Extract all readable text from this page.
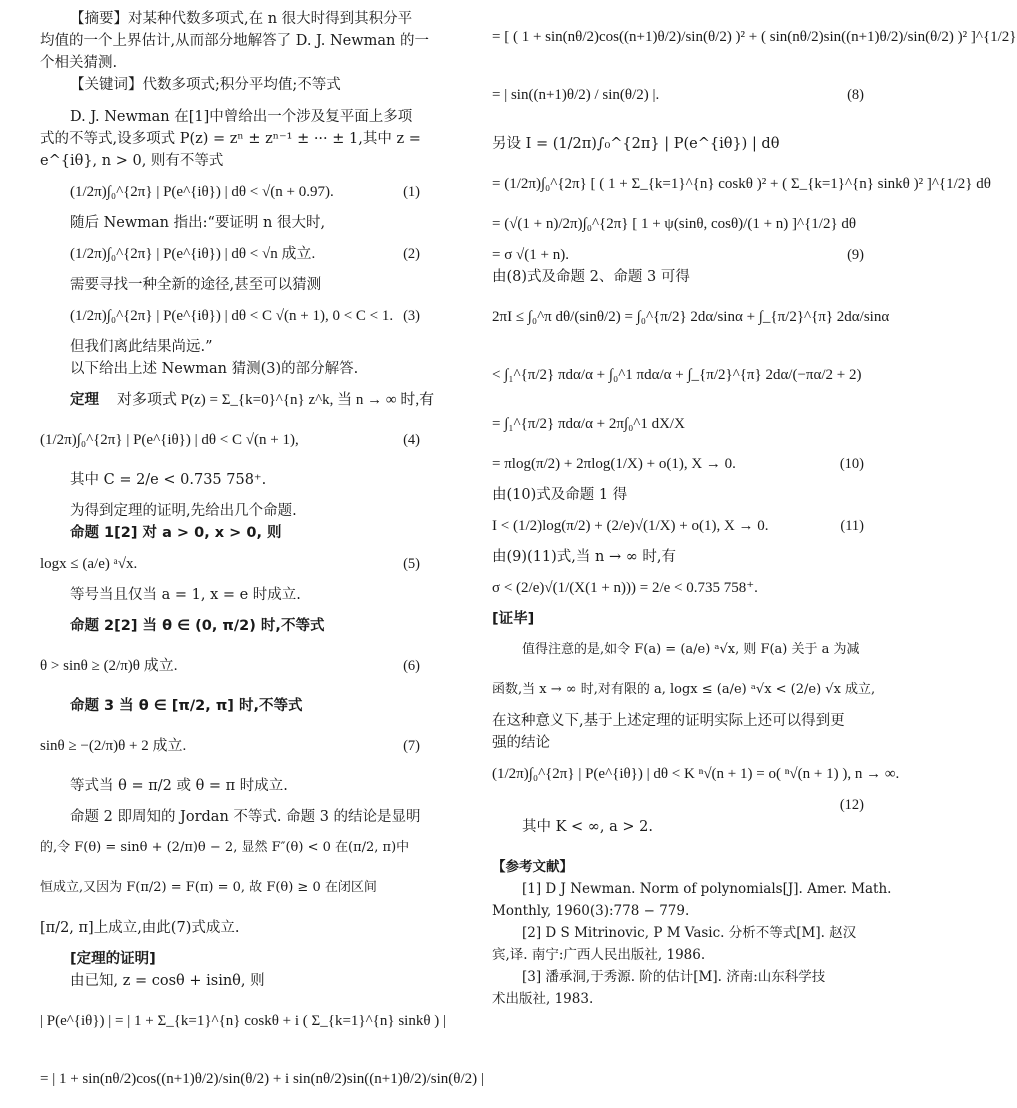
【摘要】对某种代数多项式,在 n 很大时得到其积分平
均值的一个上界估计,从而部分地解答了 D. J. Newman 的一
个相关猜测.
【关键词】代数多项式;积分平均值;不等式
D. J. Newman 在[1]中曾给出一个涉及复平面上多项
式的不等式,设多项式 P(z) = zⁿ ± zⁿ⁻¹ ± ··· ± 1,其中 z =
e^{iθ}, n > 0, 则有不等式
(1/2π)∫₀^{2π} | P(e^{iθ}) | dθ < √(n + 0.97).	(1)
随后 Newman 指出:“要证明 n 很大时,
(1/2π)∫₀^{2π} | P(e^{iθ}) | dθ < √n 成立.	(2)
需要寻找一种全新的途径,甚至可以猜测
(1/2π)∫₀^{2π} | P(e^{iθ}) | dθ < C √(n + 1), 0 < C < 1. (3)
但我们离此结果尚远.”
以下给出上述 Newman 猜测(3)的部分解答.
定理	对多项式 P(z) = Σ_{k=0}^{n} z^k, 当 n → ∞ 时,有
(1/2π)∫₀^{2π} | P(e^{iθ}) | dθ < C √(n + 1),	(4)
其中 C = 2/e < 0.735 758⁺.
为得到定理的证明,先给出几个命题.
命题 1[2] 对 a > 0, x > 0, 则
logx ≤ (a/e) ᵃ√x.	(5)
等号当且仅当 a = 1, x = e 时成立.
命题 2[2] 当 θ ∈ (0, π/2) 时,不等式
θ > sinθ ≥ (2/π)θ 成立.	(6)
命题 3 当 θ ∈ [π/2, π] 时,不等式
sinθ ≥ −(2/π)θ + 2 成立.	(7)
等式当 θ = π/2 或 θ = π 时成立.
命题 2 即周知的 Jordan 不等式. 命题 3 的结论是显明
的,令 F(θ) = sinθ + (2/π)θ − 2, 显然 F″(θ) < 0 在(π/2, π)中
恒成立,又因为 F(π/2) = F(π) = 0, 故 F(θ) ≥ 0 在闭区间
[π/2, π]上成立,由此(7)式成立.
[定理的证明]
由已知, z = cosθ + isinθ, 则
| P(e^{iθ}) | = | 1 + Σ_{k=1}^{n} coskθ + i ( Σ_{k=1}^{n} sinkθ ) |
= | 1 + sin(nθ/2)cos((n+1)θ/2)/sin(θ/2) + i sin(nθ/2)sin((n+1)θ/2)/sin(θ/2) |
= [ ( 1 + sin(nθ/2)cos((n+1)θ/2)/sin(θ/2) )² + ( sin(nθ/2)sin((n+1)θ/2)/sin(θ/2) )² ]^{1/2}
= | sin((n+1)θ/2) / sin(θ/2) |.	(8)
另设 I = (1/2π)∫₀^{2π} | P(e^{iθ}) | dθ
= (1/2π)∫₀^{2π} [ ( 1 + Σ_{k=1}^{n} coskθ )² + ( Σ_{k=1}^{n} sinkθ )² ]^{1/2} dθ
= (√(1 + n)/2π)∫₀^{2π} [ 1 + ψ(sinθ, cosθ)/(1 + n) ]^{1/2} dθ
= σ √(1 + n).	(9)
由(8)式及命题 2、命题 3 可得
2πI ≤ ∫₀^π dθ/(sinθ/2) = ∫₀^{π/2} 2dα/sinα + ∫_{π/2}^{π} 2dα/sinα
< ∫₁^{π/2} πdα/α + ∫₀^1 πdα/α + ∫_{π/2}^{π} 2dα/(−πα/2 + 2)
= ∫₁^{π/2} πdα/α + 2π∫₀^1 dX/X
= πlog(π/2) + 2πlog(1/X) + o(1), X → 0.	(10)
由(10)式及命题 1 得
I < (1/2)log(π/2) + (2/e)√(1/X) + o(1), X → 0.	(11)
由(9)(11)式,当 n → ∞ 时,有
σ < (2/e)√(1/(X(1 + n))) = 2/e < 0.735 758⁺.
[证毕]
值得注意的是,如令 F(a) = (a/e) ᵃ√x, 则 F(a) 关于 a 为减
函数,当 x → ∞ 时,对有限的 a, logx ≤ (a/e) ᵃ√x < (2/e) √x 成立,
在这种意义下,基于上述定理的证明实际上还可以得到更
强的结论
(1/2π)∫₀^{2π} | P(e^{iθ}) | dθ < K ⁿ√(n + 1) = o( ⁿ√(n + 1) ), n → ∞.
(12)
其中 K < ∞, a > 2.
【参考文献】
[1] D J Newman. Norm of polynomials[J]. Amer. Math.
Monthly, 1960(3):778 − 779.
[2] D S Mitrinovic, P M Vasic. 分析不等式[M]. 赵汉
宾,译. 南宁:广西人民出版社, 1986.
[3] 潘承洞,于秀源. 阶的估计[M]. 济南:山东科学技
术出版社, 1983.
